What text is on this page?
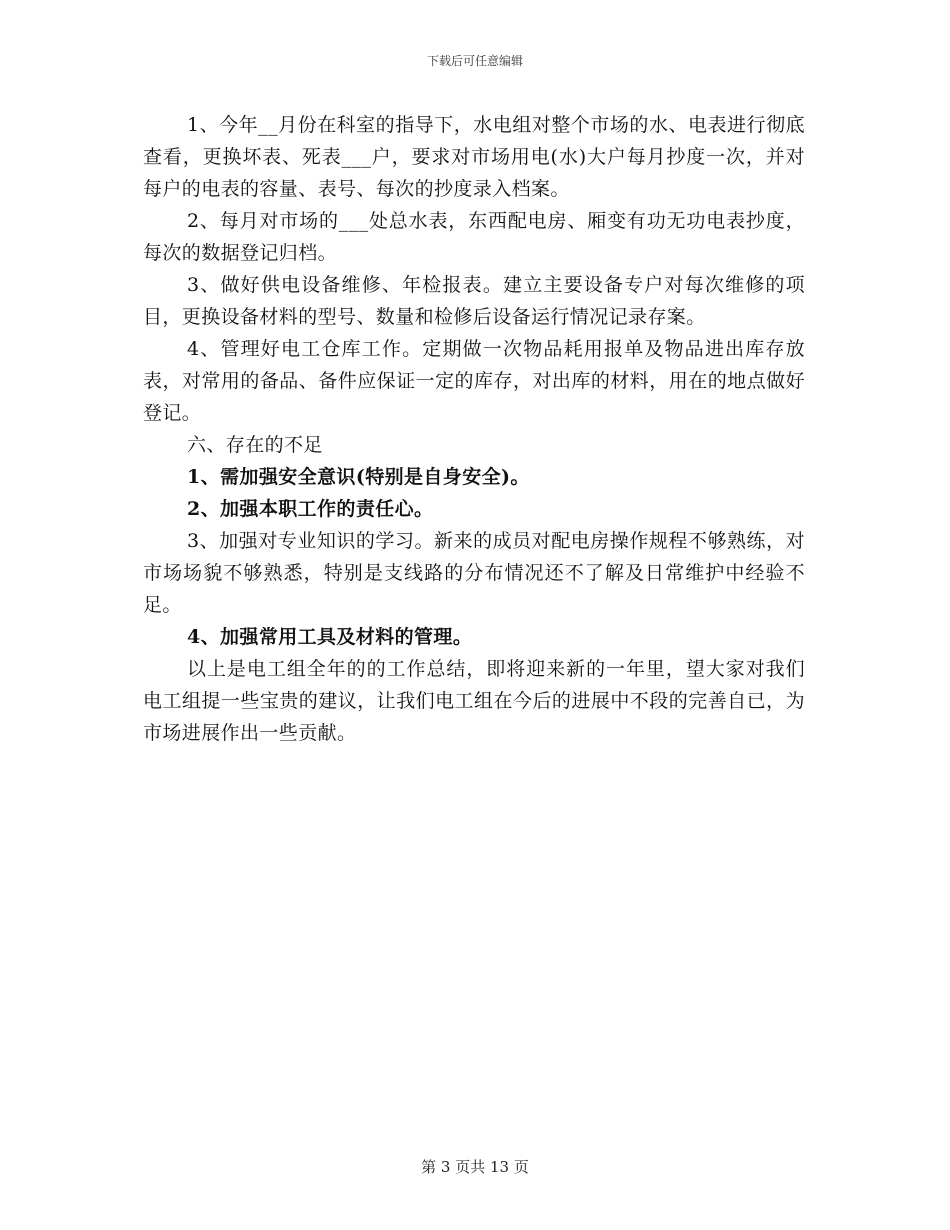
下载后可任意编辑

1、今年__月份在科室的指导下，水电组对整个市场的水、电表进行彻底查看，更换坏表、死表___户，要求对市场用电(水)大户每月抄度一次，并对每户的电表的容量、表号、每次的抄度录入档案。

2、每月对市场的___处总水表，东西配电房、厢变有功无功电表抄度，每次的数据登记归档。

3、做好供电设备维修、年检报表。建立主要设备专户对每次维修的项目，更换设备材料的型号、数量和检修后设备运行情况记录存案。

4、管理好电工仓库工作。定期做一次物品耗用报单及物品进出库存放表，对常用的备品、备件应保证一定的库存，对出库的材料，用在的地点做好登记。

六、存在的不足

1、需加强安全意识(特别是自身安全)。

2、加强本职工作的责任心。

3、加强对专业知识的学习。新来的成员对配电房操作规程不够熟练，对市场场貌不够熟悉，特别是支线路的分布情况还不了解及日常维护中经验不足。

4、加强常用工具及材料的管理。

以上是电工组全年的的工作总结，即将迎来新的一年里，望大家对我们电工组提一些宝贵的建议，让我们电工组在今后的进展中不段的完善自已，为市场进展作出一些贡献。

第 3 页共 13 页
